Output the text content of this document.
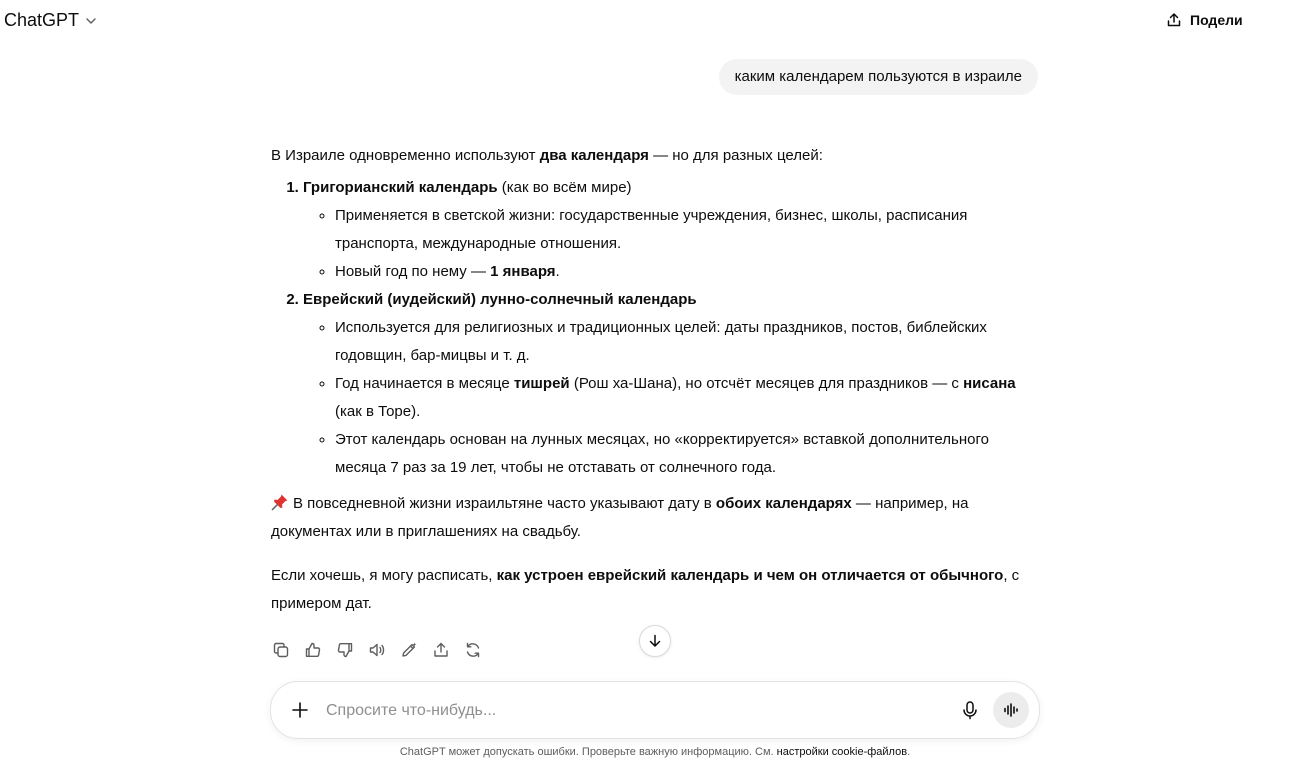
ChatGPT	Подели
каким календарем пользуются в израиле

В Израиле одновременно используют два календаря — но для разных целей:

1. Григорианский календарь (как во всём мире)
◦ Применяется в светской жизни: государственные учреждения, бизнес, школы, расписания транспорта, международные отношения.
◦ Новый год по нему — 1 января.
2. Еврейский (иудейский) лунно-солнечный календарь
◦ Используется для религиозных и традиционных целей: даты праздников, постов, библейских годовщин, бар-мицвы и т. д.
◦ Год начинается в месяце тишрей (Рош ха-Шана), но отсчёт месяцев для праздников — с нисана (как в Торе).
◦ Этот календарь основан на лунных месяцах, но «корректируется» вставкой дополнительного месяца 7 раз за 19 лет, чтобы не отставать от солнечного года.

В повседневной жизни израильтяне часто указывают дату в обоих календарях — например, на документах или в приглашениях на свадьбу.

Если хочешь, я могу расписать, как устроен еврейский календарь и чем он отличается от обычного, с примером дат.

Спросите что-нибудь...
ChatGPT может допускать ошибки. Проверьте важную информацию. См. настройки cookie-файлов.
